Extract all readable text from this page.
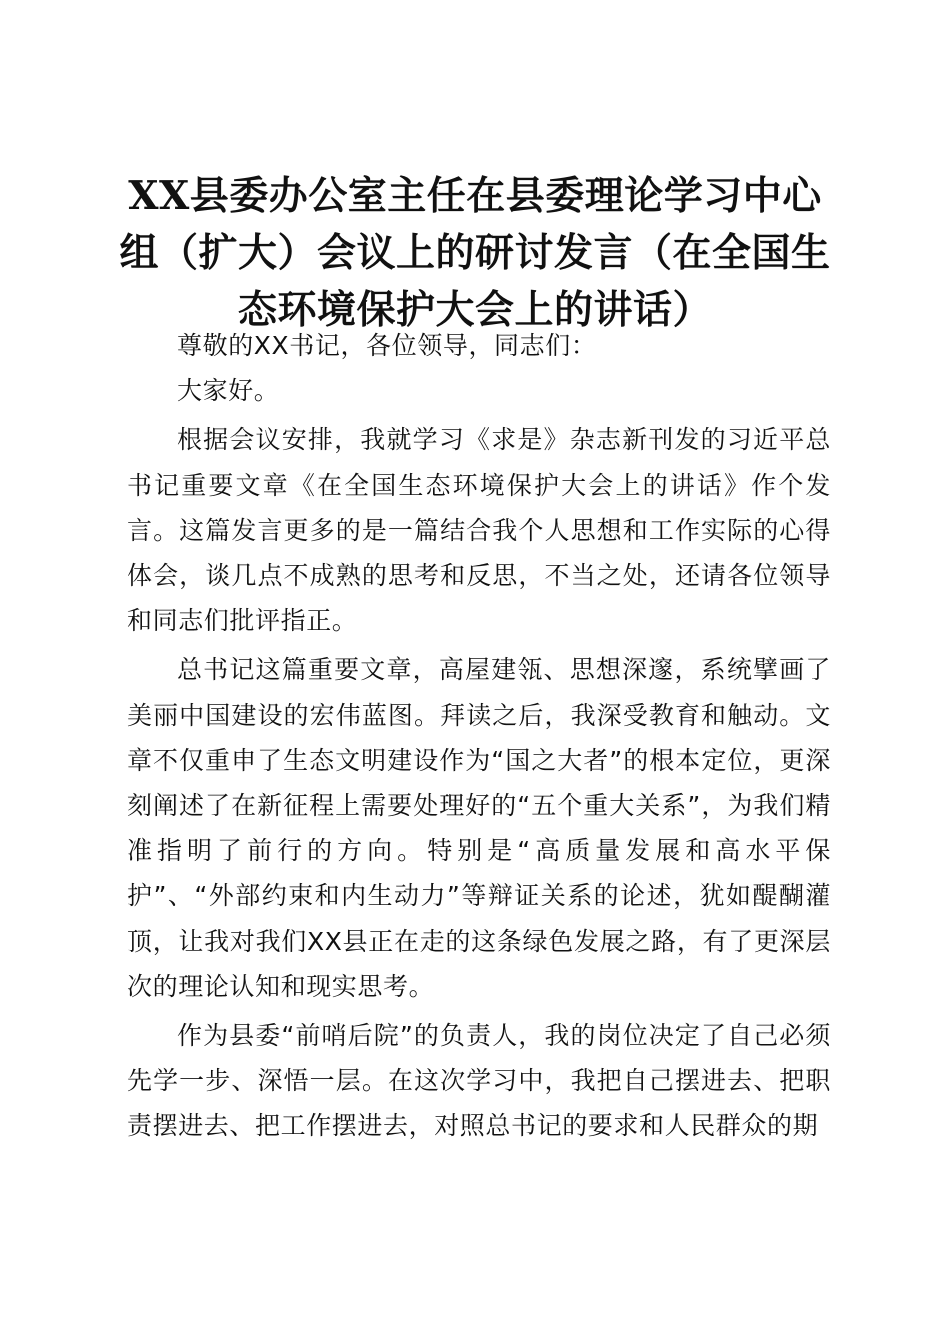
XX县委办公室主任在县委理论学习中心组（扩大）会议上的研讨发言（在全国生态环境保护大会上的讲话）

尊敬的XX书记，各位领导，同志们：

大家好。

根据会议安排，我就学习《求是》杂志新刊发的习近平总书记重要文章《在全国生态环境保护大会上的讲话》作个发言。这篇发言更多的是一篇结合我个人思想和工作实际的心得体会，谈几点不成熟的思考和反思，不当之处，还请各位领导和同志们批评指正。

总书记这篇重要文章，高屋建瓴、思想深邃，系统擘画了美丽中国建设的宏伟蓝图。拜读之后，我深受教育和触动。文章不仅重申了生态文明建设作为“国之大者”的根本定位，更深刻阐述了在新征程上需要处理好的“五个重大关系”，为我们精准指明了前行的方向。特别是“高质量发展和高水平保护”、“外部约束和内生动力”等辩证关系的论述，犹如醍醐灌顶，让我对我们XX县正在走的这条绿色发展之路，有了更深层次的理论认知和现实思考。

作为县委“前哨后院”的负责人，我的岗位决定了自己必须先学一步、深悟一层。在这次学习中，我把自己摆进去、把职责摆进去、把工作摆进去，对照总书记的要求和人民群众的期
